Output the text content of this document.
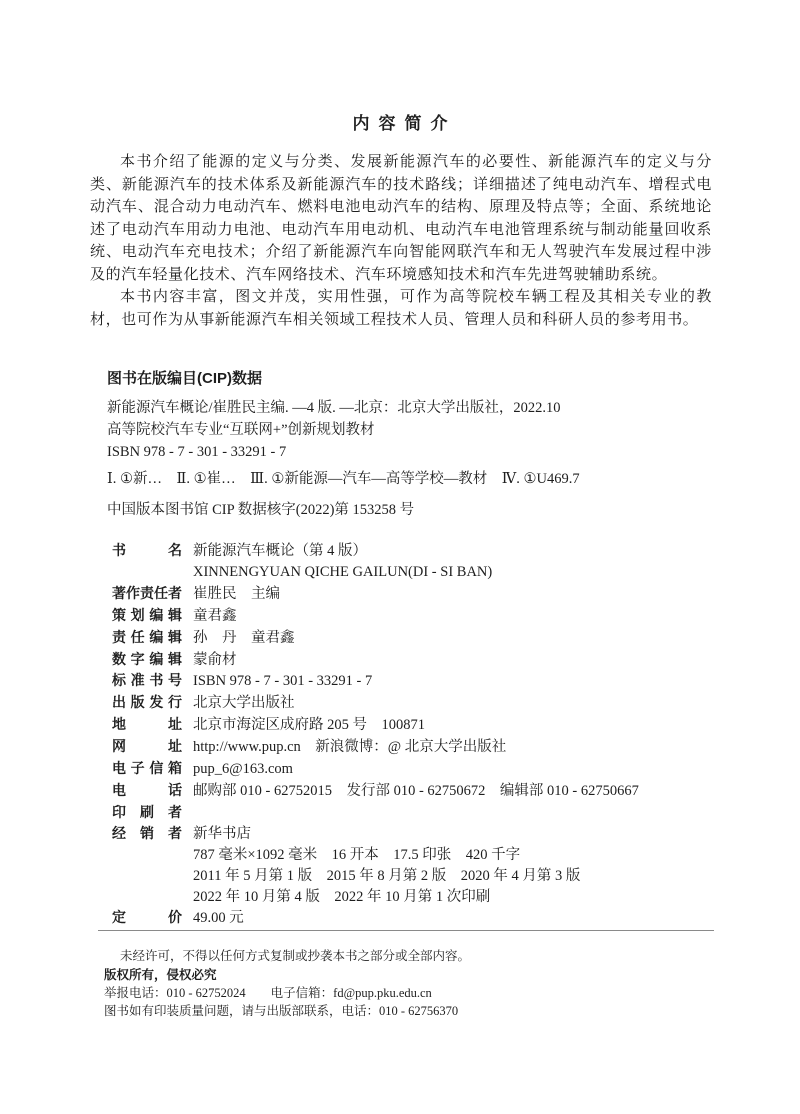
内容简介

本书介绍了能源的定义与分类、发展新能源汽车的必要性、新能源汽车的定义与分类、新能源汽车的技术体系及新能源汽车的技术路线；详细描述了纯电动汽车、增程式电动汽车、混合动力电动汽车、燃料电池电动汽车的结构、原理及特点等；全面、系统地论述了电动汽车用动力电池、电动汽车用电动机、电动汽车电池管理系统与制动能量回收系统、电动汽车充电技术；介绍了新能源汽车向智能网联汽车和无人驾驶汽车发展过程中涉及的汽车轻量化技术、汽车网络技术、汽车环境感知技术和汽车先进驾驶辅助系统。

本书内容丰富，图文并茂，实用性强，可作为高等院校车辆工程及其相关专业的教材，也可作为从事新能源汽车相关领域工程技术人员、管理人员和科研人员的参考用书。

图书在版编目(CIP)数据
新能源汽车概论/崔胜民主编. —4 版. —北京：北京大学出版社，2022.10
高等院校汽车专业“互联网+”创新规划教材
ISBN 978 - 7 - 301 - 33291 - 7
Ⅰ. ①新…　Ⅱ. ①崔…　Ⅲ. ①新能源—汽车—高等学校—教材　Ⅳ. ①U469.7
中国版本图书馆 CIP 数据核字(2022)第 153258 号
书 名 新能源汽车概论（第 4 版）
XINNENGYUAN QICHE GAILUN(DI - SI BAN)
著作责任者 崔胜民　主编
策 划 编 辑 童君鑫
责 任 编 辑 孙　丹　童君鑫
数 字 编 辑 蒙俞材
标 准 书 号 ISBN 978 - 7 - 301 - 33291 - 7
出 版 发 行 北京大学出版社
地 址 北京市海淀区成府路 205 号　100871
网 址 http://www.pup.cn　新浪微博：@ 北京大学出版社
电 子 信 箱 pup_6@163.com
电 话 邮购部 010 - 62752015　发行部 010 - 62750672　编辑部 010 - 62750667
印 刷 者
经 销 者 新华书店
787 毫米×1092 毫米　16 开本　17.5 印张　420 千字
2011 年 5 月第 1 版　2015 年 8 月第 2 版　2020 年 4 月第 3 版
2022 年 10 月第 4 版　2022 年 10 月第 1 次印刷
定 价 49.00 元
未经许可，不得以任何方式复制或抄袭本书之部分或全部内容。
版权所有，侵权必究
举报电话：010 - 62752024　　电子信箱：fd@pup.pku.edu.cn
图书如有印装质量问题，请与出版部联系，电话：010 - 62756370
